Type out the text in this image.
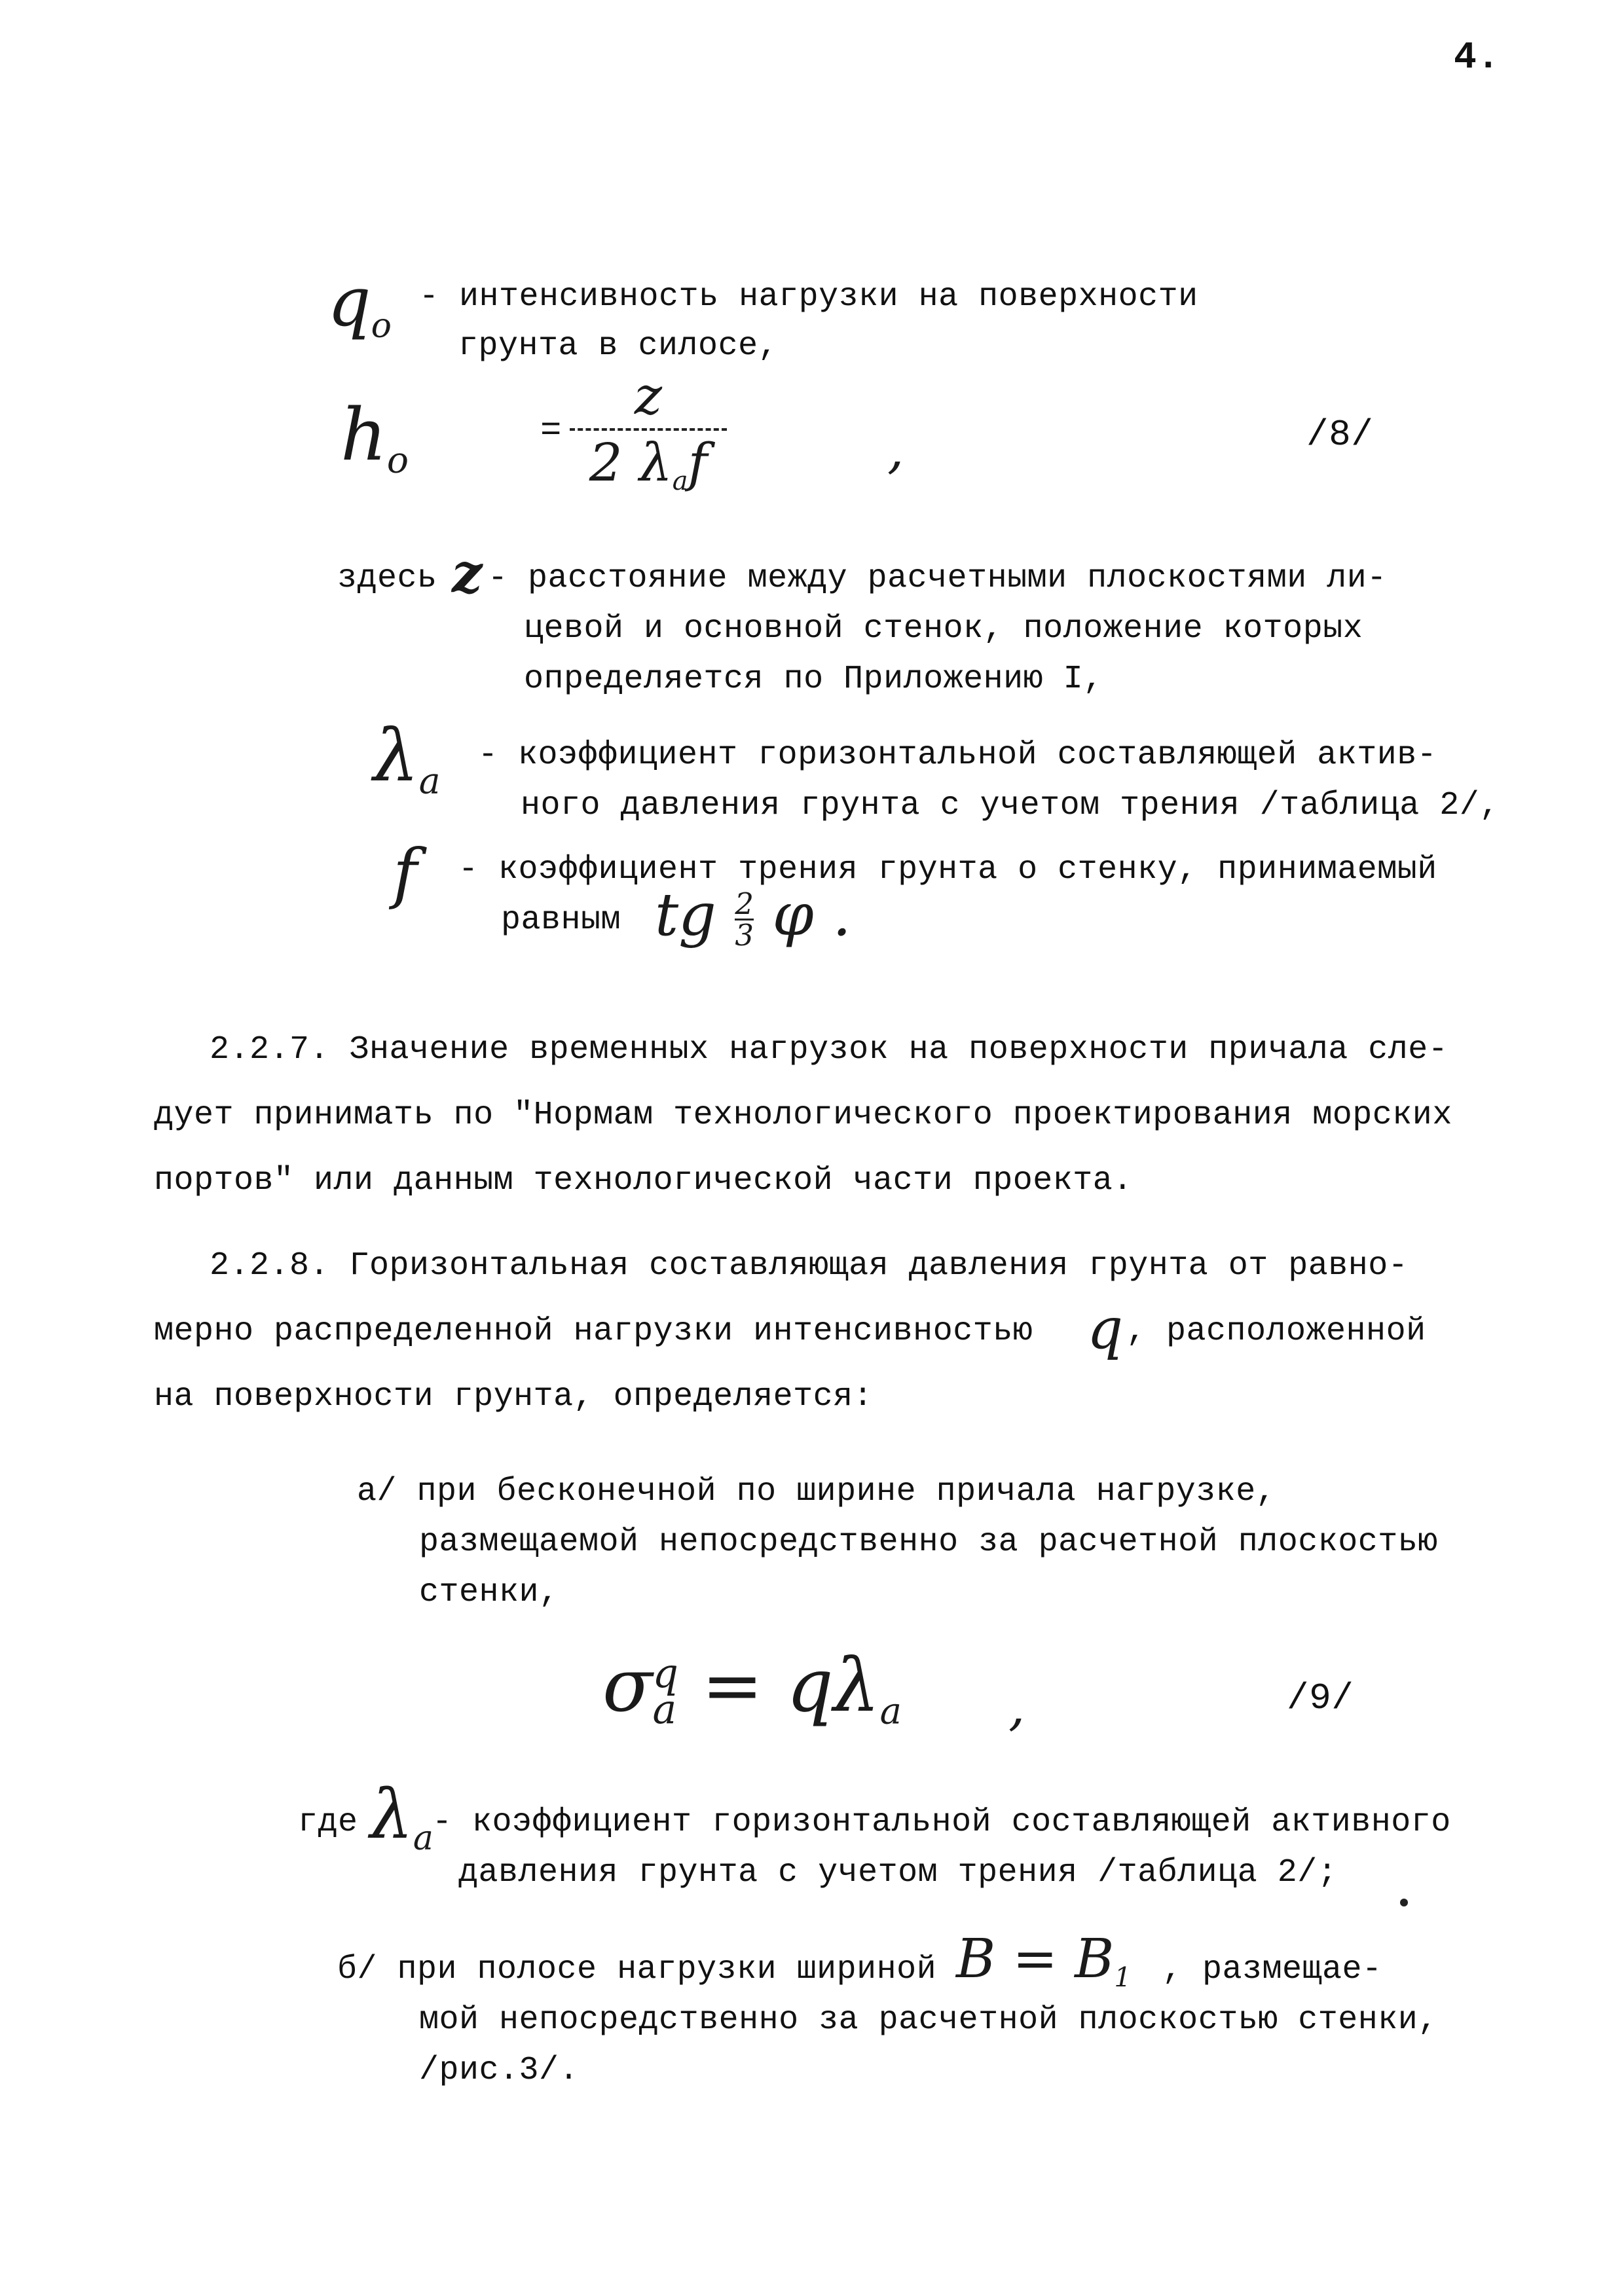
4.
$q_o$
- интенсивность нагрузки на поверхности
грунта в силосе,
$h_o$
=
z
2 $\lambda_af$	,	/8/
здесь z - расстояние между расчетными плоскостями ли-
цевой и основной стенок, положение которых
определяется по Приложению I,
$\lambda_a$
- коэффициент горизонтальной составляющей актив-
ного давления грунта с учетом трения /таблица 2/,
f - коэффициент трения грунта о стенку, принимаемый
равным tg $\frac{2}{3}$ φ .
2.2.7. Значение временных нагрузок на поверхности причала сле-
дует принимать по "Нормам технологического проектирования морских
портов" или данным технологической части проекта.
2.2.8. Горизонтальная составляющая давления грунта от равно-
мерно распределенной нагрузки интенсивностью q , расположенной
на поверхности грунта, определяется:
а/ при бесконечной по ширине причала нагрузке,
размещаемой непосредственно за расчетной плоскостью
стенки,
σ q
$a = q\lambda_a$ ,	/9/
где $\lambda_a$
- коэффициент горизонтальной составляющей активного
давления грунта с учетом трения /таблица 2/;
б/ при полосе нагрузки шириной $B = B_1$ , размещае-
мой непосредственно за расчетной плоскостью стенки,
/рис.3/.
